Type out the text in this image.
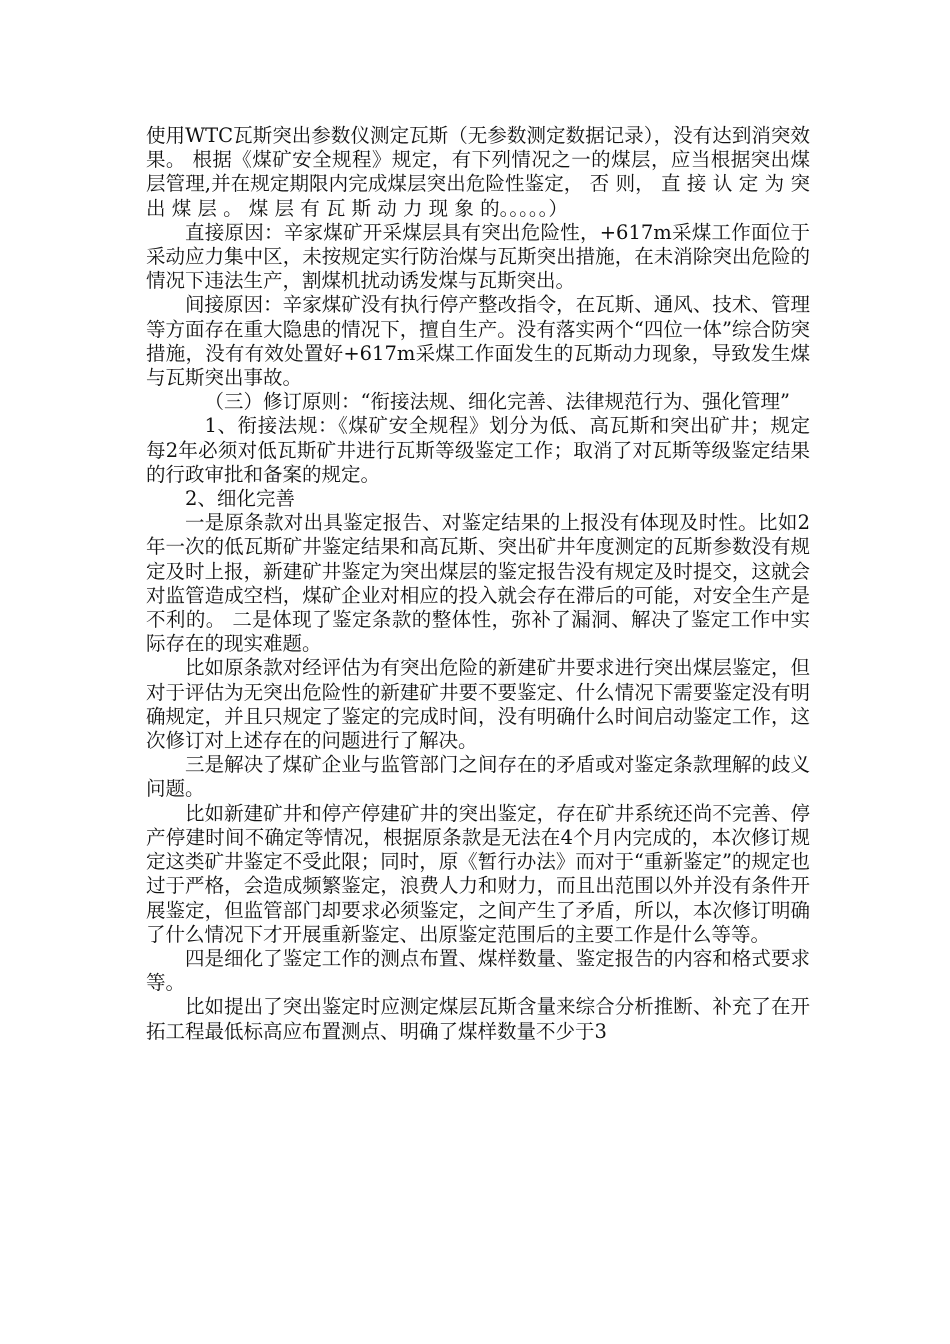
使用WTC瓦斯突出参数仪测定瓦斯（无参数测定数据记录），没有达到消突效果。 根据《煤矿安全规程》规定，有下列情况之一的煤层，应当根据突出煤层管理,并在规定期限内完成煤层突出危险性鉴定， 否 则， 直 接 认 定 为 突 出 煤 层 。 煤 层 有 瓦 斯 动 力 现 象 的。。。。。）

直接原因：辛家煤矿开采煤层具有突出危险性，+617m采煤工作面位于采动应力集中区，未按规定实行防治煤与瓦斯突出措施，在未消除突出危险的情况下违法生产，割煤机扰动诱发煤与瓦斯突出。

间接原因：辛家煤矿没有执行停产整改指令，在瓦斯、通风、技术、管理等方面存在重大隐患的情况下，擅自生产。没有落实两个“四位一体”综合防突措施，没有有效处置好+617m采煤工作面发生的瓦斯动力现象，导致发生煤与瓦斯突出事故。

（三）修订原则：“衔接法规、细化完善、法律规范行为、强化管理”

1、衔接法规：《煤矿安全规程》划分为低、高瓦斯和突出矿井；规定每2年必须对低瓦斯矿井进行瓦斯等级鉴定工作；取消了对瓦斯等级鉴定结果的行政审批和备案的规定。

2、细化完善

一是原条款对出具鉴定报告、对鉴定结果的上报没有体现及时性。比如2年一次的低瓦斯矿井鉴定结果和高瓦斯、突出矿井年度测定的瓦斯参数没有规定及时上报，新建矿井鉴定为突出煤层的鉴定报告没有规定及时提交，这就会对监管造成空档，煤矿企业对相应的投入就会存在滞后的可能，对安全生产是不利的。 二是体现了鉴定条款的整体性，弥补了漏洞、解决了鉴定工作中实际存在的现实难题。

比如原条款对经评估为有突出危险的新建矿井要求进行突出煤层鉴定，但对于评估为无突出危险性的新建矿井要不要鉴定、什么情况下需要鉴定没有明确规定，并且只规定了鉴定的完成时间，没有明确什么时间启动鉴定工作，这次修订对上述存在的问题进行了解决。

三是解决了煤矿企业与监管部门之间存在的矛盾或对鉴定条款理解的歧义问题。

比如新建矿井和停产停建矿井的突出鉴定，存在矿井系统还尚不完善、停产停建时间不确定等情况，根据原条款是无法在4个月内完成的，本次修订规定这类矿井鉴定不受此限；同时，原《暂行办法》而对于“重新鉴定”的规定也过于严格，会造成频繁鉴定，浪费人力和财力，而且出范围以外并没有条件开展鉴定，但监管部门却要求必须鉴定，之间产生了矛盾，所以，本次修订明确了什么情况下才开展重新鉴定、出原鉴定范围后的主要工作是什么等等。

四是细化了鉴定工作的测点布置、煤样数量、鉴定报告的内容和格式要求等。

比如提出了突出鉴定时应测定煤层瓦斯含量来综合分析推断、补充了在开拓工程最低标高应布置测点、明确了煤样数量不少于3
